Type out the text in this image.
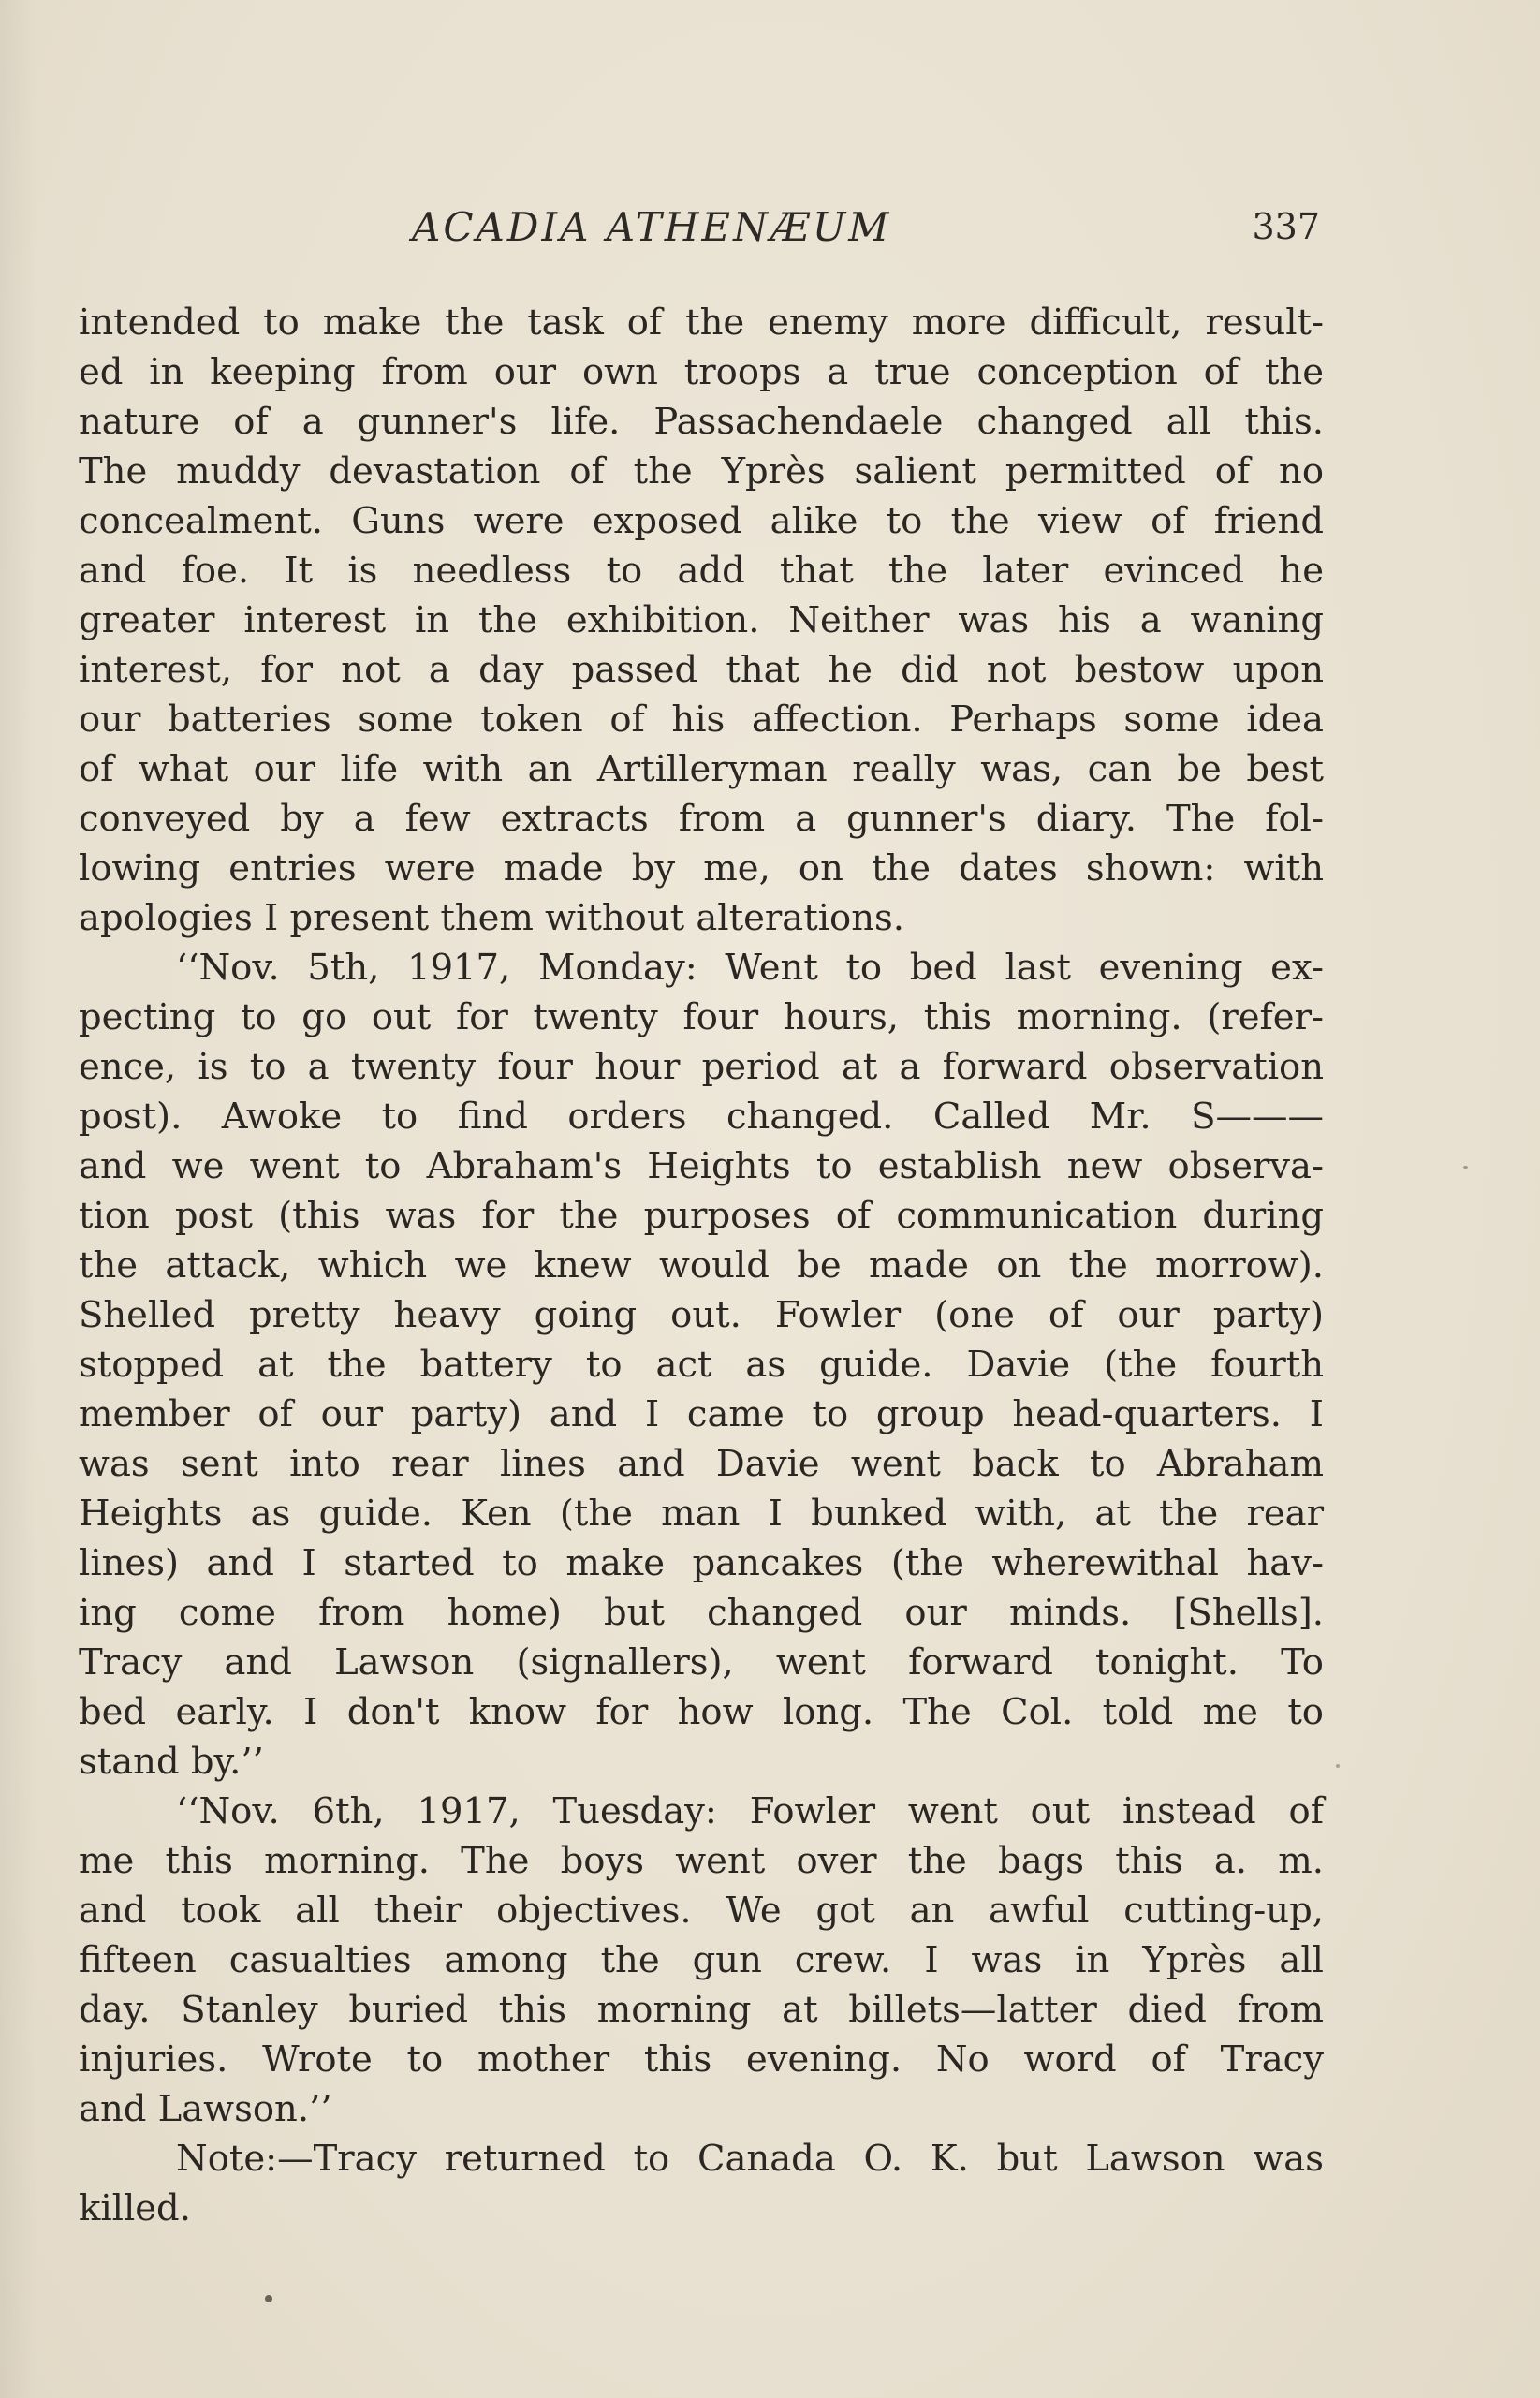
ACADIA ATHENÆUM	337
intended to make the task of the enemy more difficult, result-
ed in keeping from our own troops a true conception of the
nature of a gunner's life. Passachendaele changed all this.
The muddy devastation of the Yprès salient permitted of no
concealment. Guns were exposed alike to the view of friend
and foe. It is needless to add that the later evinced he
greater interest in the exhibition. Neither was his a waning
interest, for not a day passed that he did not bestow upon
our batteries some token of his affection. Perhaps some idea
of what our life with an Artilleryman really was, can be best
conveyed by a few extracts from a gunner's diary. The fol-
lowing entries were made by me, on the dates shown: with
apologies I present them without alterations.
‘‘Nov. 5th, 1917, Monday: Went to bed last evening ex-
pecting to go out for twenty four hours, this morning. (refer-
ence, is to a twenty four hour period at a forward observation
post). Awoke to find orders changed. Called Mr. S———
and we went to Abraham's Heights to establish new observa-
tion post (this was for the purposes of communication during
the attack, which we knew would be made on the morrow).
Shelled pretty heavy going out. Fowler (one of our party)
stopped at the battery to act as guide. Davie (the fourth
member of our party) and I came to group head-quarters. I
was sent into rear lines and Davie went back to Abraham
Heights as guide. Ken (the man I bunked with, at the rear
lines) and I started to make pancakes (the wherewithal hav-
ing come from home) but changed our minds. [Shells].
Tracy and Lawson (signallers), went forward tonight. To
bed early. I don't know for how long. The Col. told me to
stand by.’’
‘‘Nov. 6th, 1917, Tuesday: Fowler went out instead of
me this morning. The boys went over the bags this a. m.
and took all their objectives. We got an awful cutting-up,
fifteen casualties among the gun crew. I was in Yprès all
day. Stanley buried this morning at billets—latter died from
injuries. Wrote to mother this evening. No word of Tracy
and Lawson.’’
Note:—Tracy returned to Canada O. K. but Lawson was
killed.
